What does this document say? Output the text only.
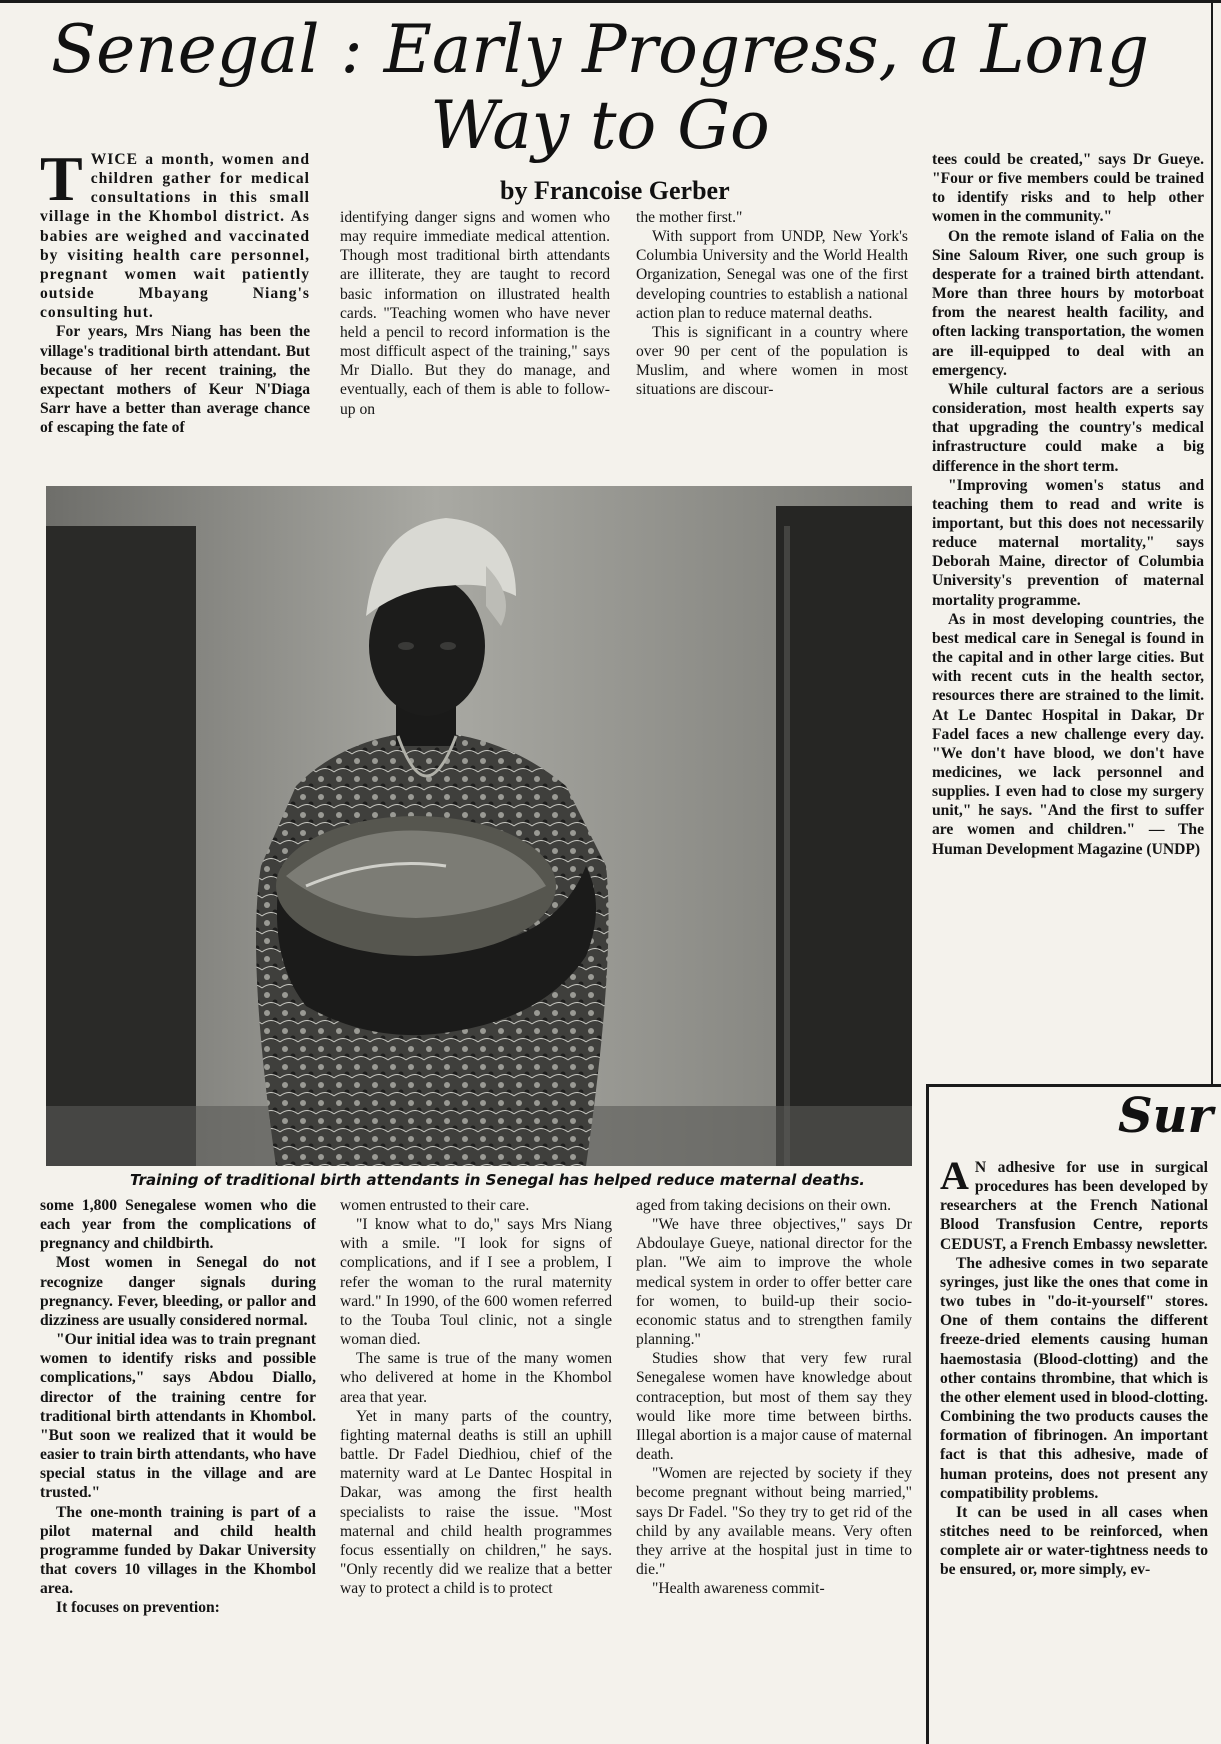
Senegal : Early Progress, a Long Way to Go

by Francoise Gerber

TWICE a month, women and children gather for medical consultations in this small village in the Khombol district. As babies are weighed and vaccinated by visiting health care personnel, pregnant women wait patiently outside Mbayang Niang's consulting hut.

For years, Mrs Niang has been the village's traditional birth attendant. But because of her recent training, the expectant mothers of Keur N'Diaga Sarr have a better than average chance of escaping the fate of

identifying danger signs and women who may require immediate medical attention. Though most traditional birth attendants are illiterate, they are taught to record basic information on illustrated health cards. "Teaching women who have never held a pencil to record information is the most difficult aspect of the training," says Mr Diallo. But they do manage, and eventually, each of them is able to follow-up on

the mother first."

With support from UNDP, New York's Columbia University and the World Health Organization, Senegal was one of the first developing countries to establish a national action plan to reduce maternal deaths.

This is significant in a country where over 90 per cent of the population is Muslim, and where women in most situations are discour-

tees could be created," says Dr Gueye. "Four or five members could be trained to identify risks and to help other women in the community."

On the remote island of Falia on the Sine Saloum River, one such group is desperate for a trained birth attendant. More than three hours by motorboat from the nearest health facility, and often lacking transportation, the women are ill-equipped to deal with an emergency.

While cultural factors are a serious consideration, most health experts say that upgrading the country's medical infrastructure could make a big difference in the short term.

"Improving women's status and teaching them to read and write is important, but this does not necessarily reduce maternal mortality," says Deborah Maine, director of Columbia University's prevention of maternal mortality programme.

As in most developing countries, the best medical care in Senegal is found in the capital and in other large cities. But with recent cuts in the health sector, resources there are strained to the limit. At Le Dantec Hospital in Dakar, Dr Fadel faces a new challenge every day. "We don't have blood, we don't have medicines, we lack personnel and supplies. I even had to close my surgery unit," he says. "And the first to suffer are women and children." — The Human Development Magazine (UNDP)

Training of traditional birth attendants in Senegal has helped reduce maternal deaths.

some 1,800 Senegalese women who die each year from the complications of pregnancy and childbirth.

Most women in Senegal do not recognize danger signals during pregnancy. Fever, bleeding, or pallor and dizziness are usually considered normal.

"Our initial idea was to train pregnant women to identify risks and possible complications," says Abdou Diallo, director of the training centre for traditional birth attendants in Khombol. "But soon we realized that it would be easier to train birth attendants, who have special status in the village and are trusted."

The one-month training is part of a pilot maternal and child health programme funded by Dakar University that covers 10 villages in the Khombol area.

It focuses on prevention:

women entrusted to their care.

"I know what to do," says Mrs Niang with a smile. "I look for signs of complications, and if I see a problem, I refer the woman to the rural maternity ward." In 1990, of the 600 women referred to the Touba Toul clinic, not a single woman died.

The same is true of the many women who delivered at home in the Khombol area that year.

Yet in many parts of the country, fighting maternal deaths is still an uphill battle. Dr Fadel Diedhiou, chief of the maternity ward at Le Dantec Hospital in Dakar, was among the first health specialists to raise the issue. "Most maternal and child health programmes focus essentially on children," he says. "Only recently did we realize that a better way to protect a child is to protect

aged from taking decisions on their own.

"We have three objectives," says Dr Abdoulaye Gueye, national director for the plan. "We aim to improve the whole medical system in order to offer better care for women, to build-up their socio-economic status and to strengthen family planning."

Studies show that very few rural Senegalese women have knowledge about contraception, but most of them say they would like more time between births. Illegal abortion is a major cause of maternal death.

"Women are rejected by society if they become pregnant without being married," says Dr Fadel. "So they try to get rid of the child by any available means. Very often they arrive at the hospital just in time to die."

"Health awareness commit-

Sur

A N adhesive for use in surgical procedures has been developed by researchers at the French National Blood Transfusion Centre, reports CEDUST, a French Embassy newsletter.

The adhesive comes in two separate syringes, just like the ones that come in two tubes in "do-it-yourself" stores. One of them contains the different freeze-dried elements causing human haemostasia (Blood-clotting) and the other contains thrombine, that which is the other element used in blood-clotting. Combining the two products causes the formation of fibrinogen. An important fact is that this adhesive, made of human proteins, does not present any compatibility problems.

It can be used in all cases when stitches need to be reinforced, when complete air or water-tightness needs to be ensured, or, more simply, ev-
